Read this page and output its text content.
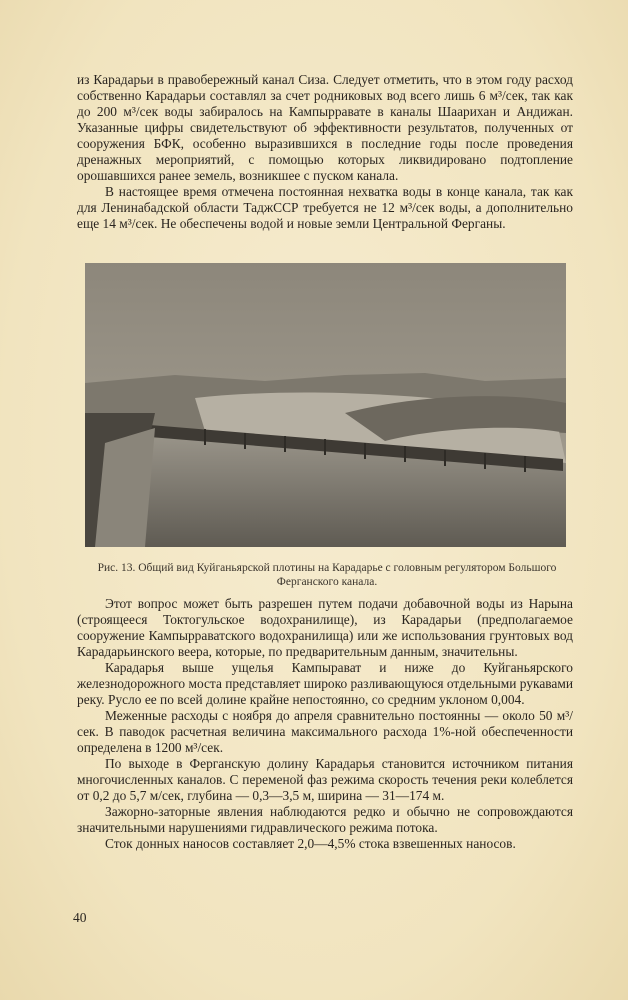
из Карадарьи в правобережный канал Сиза. Следует отметить, что в этом году расход собственно Карадарьи составлял за счет родниковых вод всего лишь 6 м³/сек, так как до 200 м³/сек воды забиралось на Кампырравате в каналы Шаарихан и Андижан. Указанные цифры свидетельствуют об эффективности результатов, полученных от сооружения БФК, особенно выразившихся в последние годы после проведения дренажных мероприятий, с помощью которых ликвидировано подтопление орошавшихся ранее земель, возникшее с пуском канала.

В настоящее время отмечена постоянная нехватка воды в конце канала, так как для Ленинабадской области ТаджССР требуется не 12 м³/сек воды, а дополнительно еще 14 м³/сек. Не обеспечены водой и новые земли Центральной Ферганы.

Рис. 13. Общий вид Куйганьярской плотины на Карадарье с головным регулятором Большого Ферганского канала.

Этот вопрос может быть разрешен путем подачи добавочной воды из Нарына (строящееся Токтогульское водохранилище), из Карадарьи (предполагаемое сооружение Кампырраватского водохранилища) или же использования грунтовых вод Карадарьинского веера, которые, по предварительным данным, значительны.

Карадарья выше ущелья Кампырават и ниже до Куйганьярского железнодорожного моста представляет широко разливающуюся отдельными рукавами реку. Русло ее по всей долине крайне непостоянно, со средним уклоном 0,004.

Меженные расходы с ноября до апреля сравнительно постоянны — около 50 м³/сек. В паводок расчетная величина максимального расхода 1%-ной обеспеченности определена в 1200 м³/сек.

По выходе в Ферганскую долину Карадарья становится источником питания многочисленных каналов. С переменой фаз режима скорость течения реки колеблется от 0,2 до 5,7 м/сек, глубина — 0,3—3,5 м, ширина — 31—174 м.

Зажорно-заторные явления наблюдаются редко и обычно не сопровождаются значительными нарушениями гидравлического режима потока.

Сток донных наносов составляет 2,0—4,5% стока взвешенных наносов.

40
